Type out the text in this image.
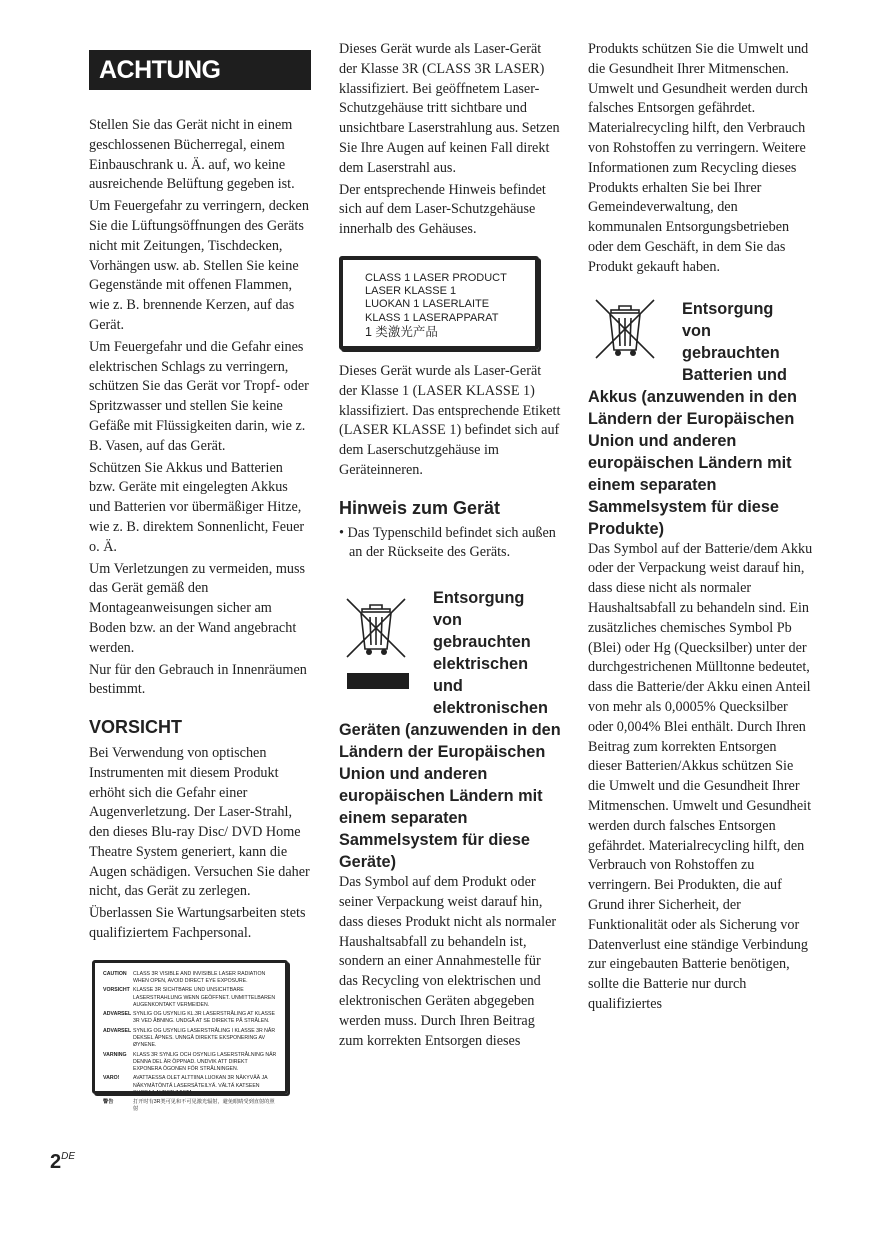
ACHTUNG

Stellen Sie das Gerät nicht in einem geschlossenen Bücherregal, einem Einbauschrank u. Ä. auf, wo keine ausreichende Belüftung gegeben ist.

Um Feuergefahr zu verringern, decken Sie die Lüftungsöffnungen des Geräts nicht mit Zeitungen, Tischdecken, Vorhängen usw. ab. Stellen Sie keine Gegenstände mit offenen Flammen, wie z. B. brennende Kerzen, auf das Gerät.

Um Feuergefahr und die Gefahr eines elektrischen Schlags zu verringern, schützen Sie das Gerät vor Tropf- oder Spritzwasser und stellen Sie keine Gefäße mit Flüssigkeiten darin, wie z. B. Vasen, auf das Gerät.

Schützen Sie Akkus und Batterien bzw. Geräte mit eingelegten Akkus und Batterien vor übermäßiger Hitze, wie z. B. direktem Sonnenlicht, Feuer o. Ä.

Um Verletzungen zu vermeiden, muss das Gerät gemäß den Montageanweisungen sicher am Boden bzw. an der Wand angebracht werden.

Nur für den Gebrauch in Innenräumen bestimmt.

VORSICHT

Bei Verwendung von optischen Instrumenten mit diesem Produkt erhöht sich die Gefahr einer Augenverletzung. Der Laser-Strahl, den dieses Blu-ray Disc/ DVD Home Theatre System generiert, kann die Augen schädigen. Versuchen Sie daher nicht, das Gerät zu zerlegen.

Überlassen Sie Wartungsarbeiten stets qualifiziertem Fachpersonal.

CAUTION	CLASS 3R VISIBLE AND INVISIBLE LASER RADIATION WHEN OPEN, AVOID DIRECT EYE EXPOSURE.
VORSICHT KLASSE 3R SICHTBARE UND UNSICHTBARE LASERSTRAHLUNG WENN GEÖFFNET. UNMITTELBAREN AUGENKONTAKT VERMEIDEN.
ADVARSEL SYNLIG OG USYNLIG KL.3R LASERSTRÅLING AT KLASSE 3R VED ÅBNING. UNDGÅ AT SE DIREKTE PÅ STRÅLEN.
ADVARSEL SYNLIG OG USYNLIG LASERSTRÅLING I KLASSE 3R NÅR DEKSEL ÅPNES. UNNGÅ DIREKTE EKSPONERING AV ØYNENE.
VARNING	KLASS 3R SYNLIG OCH OSYNLIG LASERSTRÅLNING NÄR DENNA DEL ÄR ÖPPNAD. UNDVIK ATT DIREKT EXPONERA ÖGONEN FÖR STRÅLNINGEN.
VARO!	AVATTAESSA OLET ALTTIINA LUOKAN 3R NÄKYVÄÄ JA NÄKYMÄTÖNTÄ LASERSÄTEILYÄ. VÄLTÄ KATSEEN SUORAA ALTISTUMISTA.
警告	打开时有3R类可见和不可见激光辐射，避免眼睛受到直射的照射

Dieses Gerät wurde als Laser-Gerät der Klasse 3R (CLASS 3R LASER) klassifiziert. Bei geöffnetem Laser-Schutzgehäuse tritt sichtbare und unsichtbare Laserstrahlung aus. Setzen Sie Ihre Augen auf keinen Fall direkt dem Laserstrahl aus.

Der entsprechende Hinweis befindet sich auf dem Laser-Schutzgehäuse innerhalb des Gehäuses.

CLASS 1 LASER PRODUCT
LASER KLASSE 1
LUOKAN 1 LASERLAITE
KLASS 1 LASERAPPARAT
1 类激光产品

Dieses Gerät wurde als Laser-Gerät der Klasse 1 (LASER KLASSE 1) klassifiziert. Das entsprechende Etikett (LASER KLASSE 1) befindet sich auf dem Laserschutzgehäuse im Geräteinneren.

Hinweis zum Gerät

• Das Typenschild befindet sich außen an der Rückseite des Geräts.

Entsorgung
von
gebrauchten
elektrischen
und
elektronischen
Geräten (anzuwenden in den Ländern der Europäischen Union und anderen europäischen Ländern mit einem separaten Sammelsystem für diese Geräte)

Das Symbol auf dem Produkt oder seiner Verpackung weist darauf hin, dass dieses Produkt nicht als normaler Haushaltsabfall zu behandeln ist, sondern an einer Annahmestelle für das Recycling von elektrischen und elektronischen Geräten abgegeben werden muss. Durch Ihren Beitrag zum korrekten Entsorgen dieses

Produkts schützen Sie die Umwelt und die Gesundheit Ihrer Mitmenschen. Umwelt und Gesundheit werden durch falsches Entsorgen gefährdet. Materialrecycling hilft, den Verbrauch von Rohstoffen zu verringern. Weitere Informationen zum Recycling dieses Produkts erhalten Sie bei Ihrer Gemeindeverwaltung, den kommunalen Entsorgungsbetrieben oder dem Geschäft, in dem Sie das Produkt gekauft haben.

Entsorgung
von
gebrauchten
Batterien und
Akkus (anzuwenden in den Ländern der Europäischen Union und anderen europäischen Ländern mit einem separaten Sammelsystem für diese Produkte)

Das Symbol auf der Batterie/dem Akku oder der Verpackung weist darauf hin, dass diese nicht als normaler Haushaltsabfall zu behandeln sind. Ein zusätzliches chemisches Symbol Pb (Blei) oder Hg (Quecksilber) unter der durchgestrichenen Mülltonne bedeutet, dass die Batterie/der Akku einen Anteil von mehr als 0,0005% Quecksilber oder 0,004% Blei enthält. Durch Ihren Beitrag zum korrekten Entsorgen dieser Batterien/Akkus schützen Sie die Umwelt und die Gesundheit Ihrer Mitmenschen. Umwelt und Gesundheit werden durch falsches Entsorgen gefährdet. Materialrecycling hilft, den Verbrauch von Rohstoffen zu verringern. Bei Produkten, die auf Grund ihrer Sicherheit, der Funktionalität oder als Sicherung vor Datenverlust eine ständige Verbindung zur eingebauten Batterie benötigen, sollte die Batterie nur durch qualifiziertes

2DE
